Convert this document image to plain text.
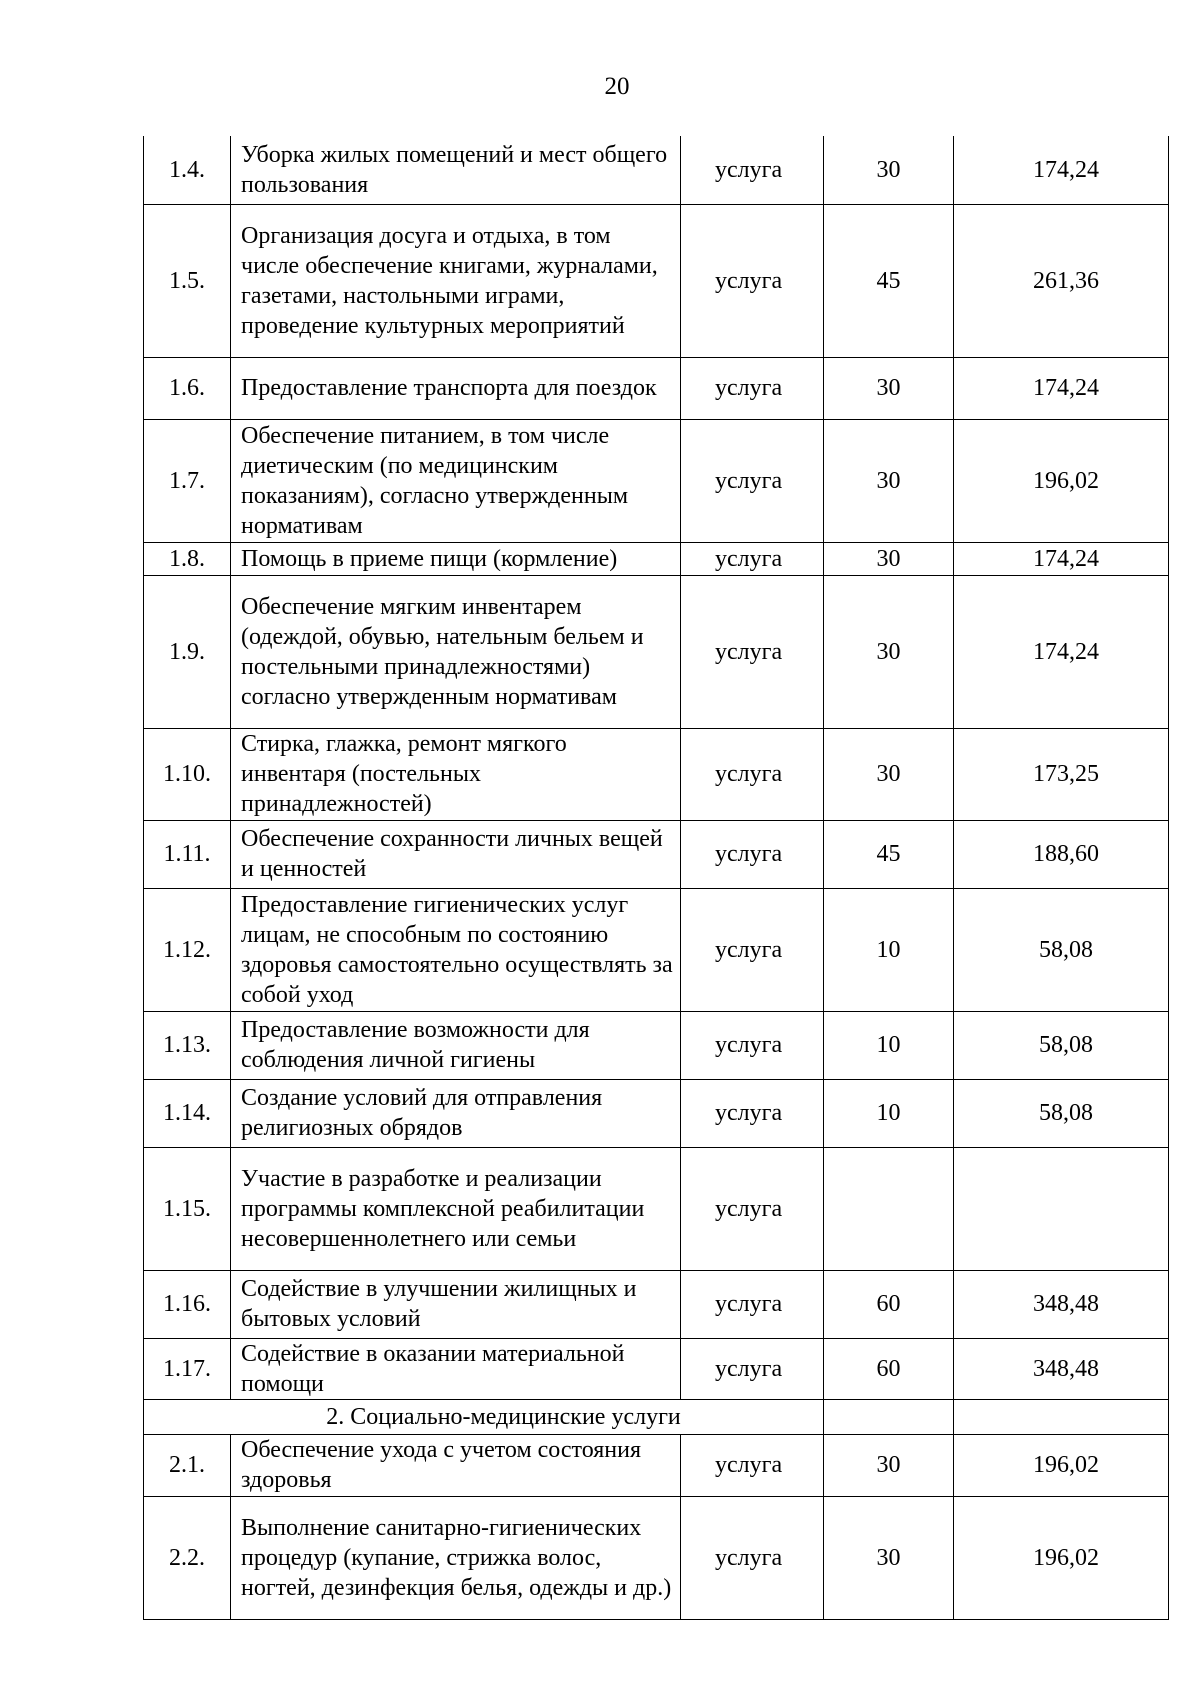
20
1.4.	Уборка жилых помещений и мест общего пользования	услуга	30	174,24
1.5.	Организация досуга и отдыха, в том числе обеспечение книгами, журналами, газетами, настольными играми, проведение культурных мероприятий	услуга	45	261,36
1.6.	Предоставление транспорта для поездок	услуга	30	174,24
1.7.	Обеспечение питанием, в том числе диетическим (по медицинским показаниям), согласно утвержденным нормативам	услуга	30	196,02
1.8.	Помощь в приеме пищи (кормление)	услуга	30	174,24
1.9.	Обеспечение мягким инвентарем (одеждой, обувью, нательным бельем и постельными принадлежностями) согласно утвержденным нормативам	услуга	30	174,24
1.10.	Стирка, глажка, ремонт мягкого инвентаря (постельных принадлежностей)	услуга	30	173,25
1.11.	Обеспечение сохранности личных вещей и ценностей	услуга	45	188,60
1.12.	Предоставление гигиенических услуг лицам, не способным по состоянию здоровья самостоятельно осуществлять за собой уход	услуга	10	58,08
1.13.	Предоставление возможности для соблюдения личной гигиены	услуга	10	58,08
1.14.	Создание условий для отправления религиозных обрядов	услуга	10	58,08
1.15.	Участие в разработке и реализации программы комплексной реабилитации несовершеннолетнего или семьи	услуга		
1.16.	Содействие в улучшении жилищных и бытовых условий	услуга	60	348,48
1.17.	Содействие в оказании материальной помощи	услуга	60	348,48
2. Социально-медицинские услуги				
2.1.	Обеспечение ухода с учетом состояния здоровья	услуга	30	196,02
2.2.	Выполнение санитарно-гигиенических процедур (купание, стрижка волос, ногтей, дезинфекция белья, одежды и др.)	услуга	30	196,02
